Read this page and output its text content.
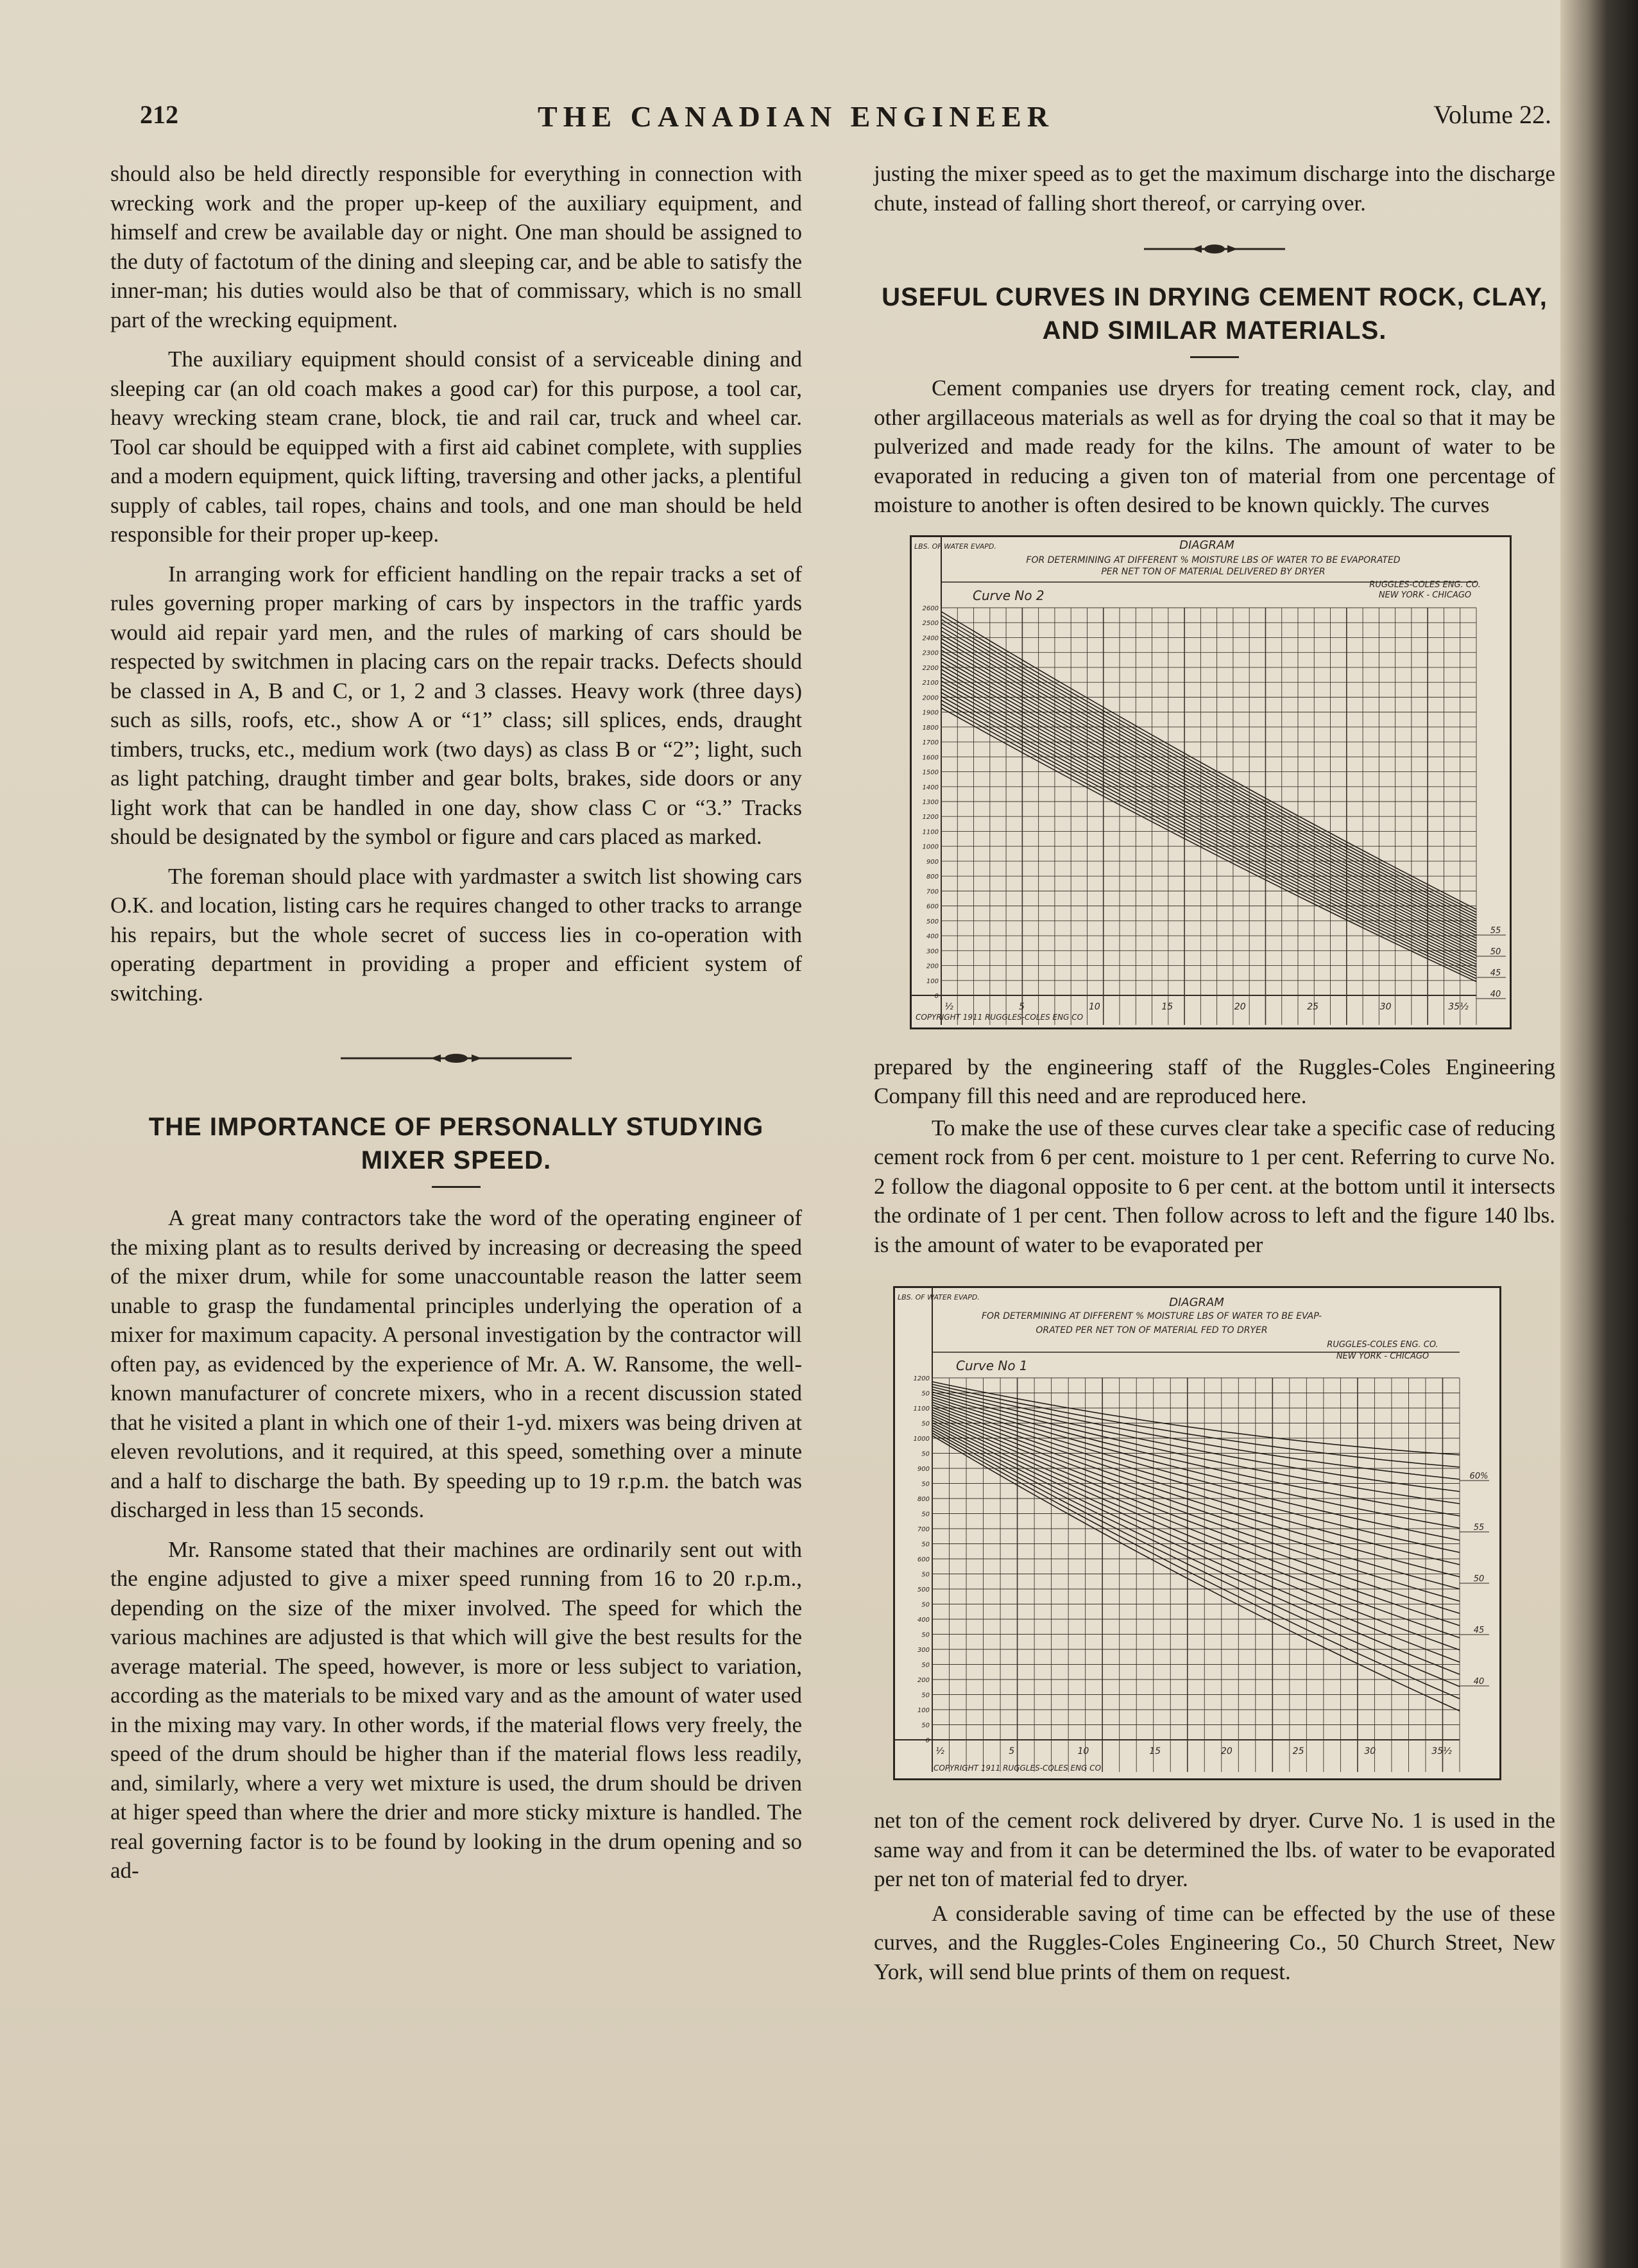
212	THE CANADIAN ENGINEER	Volume 22.

should also be held directly responsible for everything in connection with wrecking work and the proper up-keep of the auxiliary equipment, and himself and crew be available day or night. One man should be assigned to the duty of factotum of the dining and sleeping car, and be able to satisfy the inner-man; his duties would also be that of commissary, which is no small part of the wrecking equipment.

The auxiliary equipment should consist of a serviceable dining and sleeping car (an old coach makes a good car) for this purpose, a tool car, heavy wrecking steam crane, block, tie and rail car, truck and wheel car. Tool car should be equipped with a first aid cabinet complete, with supplies and a modern equipment, quick lifting, traversing and other jacks, a plentiful supply of cables, tail ropes, chains and tools, and one man should be held responsible for their proper up-keep.

In arranging work for efficient handling on the repair tracks a set of rules governing proper marking of cars by inspectors in the traffic yards would aid repair yard men, and the rules of marking of cars should be respected by switchmen in placing cars on the repair tracks. Defects should be classed in A, B and C, or 1, 2 and 3 classes. Heavy work (three days) such as sills, roofs, etc., show A or “1” class; sill splices, ends, draught timbers, trucks, etc., medium work (two days) as class B or “2”; light, such as light patching, draught timber and gear bolts, brakes, side doors or any light work that can be handled in one day, show class C or “3.” Tracks should be designated by the symbol or figure and cars placed as marked.

The foreman should place with yardmaster a switch list showing cars O.K. and location, listing cars he requires changed to other tracks to arrange his repairs, but the whole secret of success lies in co-operation with operating department in providing a proper and efficient system of switching.

THE IMPORTANCE OF PERSONALLY STUDYING MIXER SPEED.

A great many contractors take the word of the operating engineer of the mixing plant as to results derived by increasing or decreasing the speed of the mixer drum, while for some unaccountable reason the latter seem unable to grasp the fundamental principles underlying the operation of a mixer for maximum capacity. A personal investigation by the contractor will often pay, as evidenced by the experience of Mr. A. W. Ransome, the well-known manufacturer of concrete mixers, who in a recent discussion stated that he visited a plant in which one of their 1-yd. mixers was being driven at eleven revolutions, and it required, at this speed, something over a minute and a half to discharge the bath. By speeding up to 19 r.p.m. the batch was discharged in less than 15 seconds.

Mr. Ransome stated that their machines are ordinarily sent out with the engine adjusted to give a mixer speed running from 16 to 20 r.p.m., depending on the size of the mixer involved. The speed for which the various machines are adjusted is that which will give the best results for the average material. The speed, however, is more or less subject to variation, according as the materials to be mixed vary and as the amount of water used in the mixing may vary. In other words, if the material flows very freely, the speed of the drum should be higher than if the material flows less readily, and, similarly, where a very wet mixture is used, the drum should be driven at higer speed than where the drier and more sticky mixture is handled. The real governing factor is to be found by looking in the drum opening and so ad-

justing the mixer speed as to get the maximum discharge into the discharge chute, instead of falling short thereof, or carrying over.

USEFUL CURVES IN DRYING CEMENT ROCK, CLAY, AND SIMILAR MATERIALS.

Cement companies use dryers for treating cement rock, clay, and other argillaceous materials as well as for drying the coal so that it may be pulverized and made ready for the kilns. The amount of water to be evaporated in reducing a given ton of material from one percentage of moisture to another is often desired to be known quickly. The curves

LBS. OF WATER EVAPD.	DIAGRAM
FOR DETERMINING AT DIFFERENT % MOISTURE LBS OF WATER TO BE EVAPORATED
PER NET TON OF MATERIAL DELIVERED BY DRYER
RUGGLES-COLES ENG. CO.
NEW YORK - CHICAGO
Curve No 2
COPYRIGHT 1911 RUGGLES-COLES ENG CO
2600
2500
2400
2300
2200
2100
2000
1900
1800
1700
1600
1500
1400
1300
1200
1100
1000
900
800
700
600
500
400
300
200
100
0
½	5	10	15	20	25	30	35½
55
50
45
40

prepared by the engineering staff of the Ruggles-Coles Engineering Company fill this need and are reproduced here.

To make the use of these curves clear take a specific case of reducing cement rock from 6 per cent. moisture to 1 per cent. Referring to curve No. 2 follow the diagonal opposite to 6 per cent. at the bottom until it intersects the ordinate of 1 per cent. Then follow across to left and the figure 140 lbs. is the amount of water to be evaporated per

LBS. OF WATER EVAPD.	DIAGRAM
FOR DETERMINING AT DIFFERENT % MOISTURE LBS OF WATER TO BE EVAP-
ORATED PER NET TON OF MATERIAL FED TO DRYER
RUGGLES-COLES ENG. CO.
NEW YORK - CHICAGO
Curve No 1
COPYRIGHT 1911 RUGGLES-COLES ENG CO
1200
50
1100
50
1000
50
900
50
800
50
700
50
600
50
500
50
400
50
300
50
200
50
100
50
0
½	5	10	15	20	25	30	35½
60%
55
50
45
40

net ton of the cement rock delivered by dryer. Curve No. 1 is used in the same way and from it can be determined the lbs. of water to be evaporated per net ton of material fed to dryer.

A considerable saving of time can be effected by the use of these curves, and the Ruggles-Coles Engineering Co., 50 Church Street, New York, will send blue prints of them on request.
